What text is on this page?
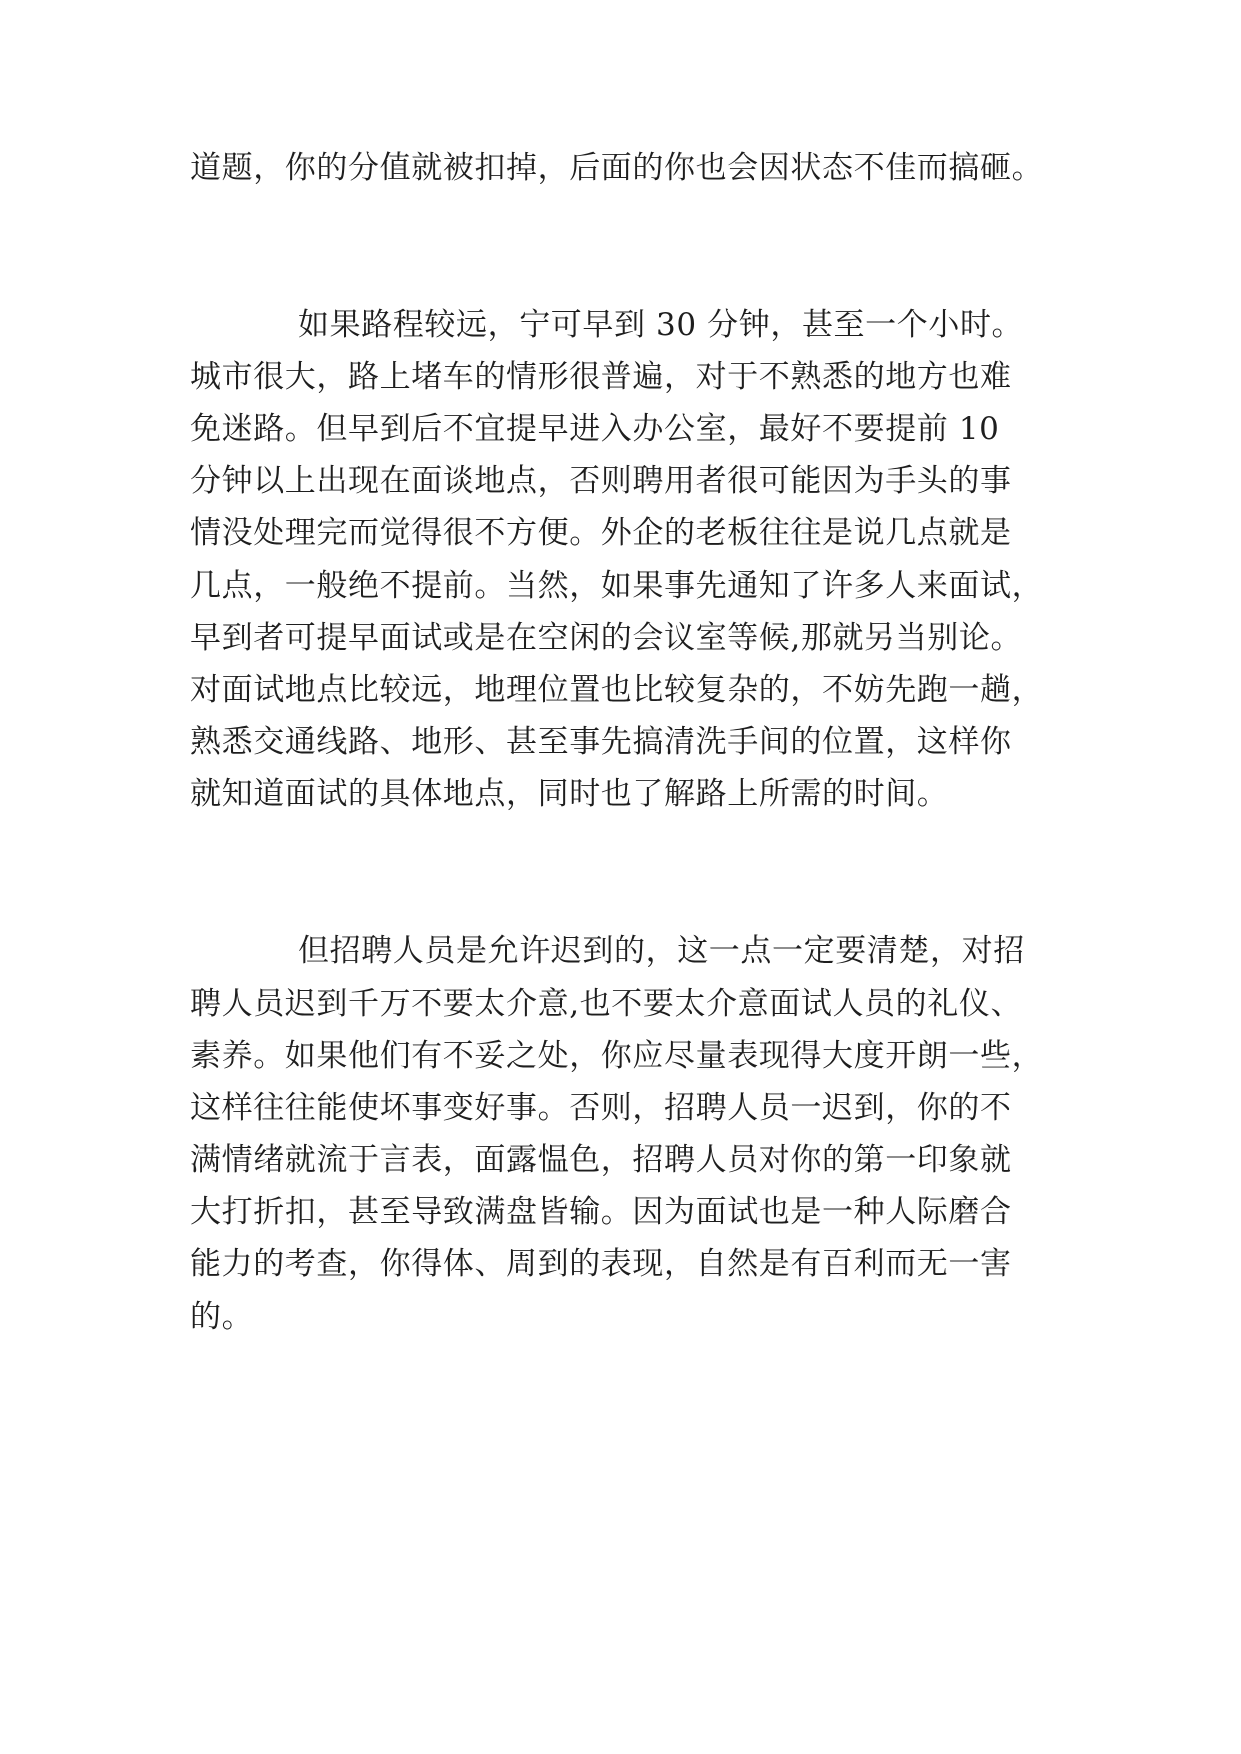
道题，你的分值就被扣掉，后面的你也会因状态不佳而搞砸。
如果路程较远，宁可早到 30 分钟，甚至一个小时。
城市很大，路上堵车的情形很普遍，对于不熟悉的地方也难
免迷路。但早到后不宜提早进入办公室，最好不要提前 10
分钟以上出现在面谈地点，否则聘用者很可能因为手头的事
情没处理完而觉得很不方便。外企的老板往往是说几点就是
几点，一般绝不提前。当然，如果事先通知了许多人来面试，
早到者可提早面试或是在空闲的会议室等候,那就另当别论。
对面试地点比较远，地理位置也比较复杂的，不妨先跑一趟，
熟悉交通线路、地形、甚至事先搞清洗手间的位置，这样你
就知道面试的具体地点，同时也了解路上所需的时间。
但招聘人员是允许迟到的，这一点一定要清楚，对招
聘人员迟到千万不要太介意,也不要太介意面试人员的礼仪、
素养。如果他们有不妥之处，你应尽量表现得大度开朗一些，
这样往往能使坏事变好事。否则，招聘人员一迟到，你的不
满情绪就流于言表，面露愠色，招聘人员对你的第一印象就
大打折扣，甚至导致满盘皆输。因为面试也是一种人际磨合
能力的考查，你得体、周到的表现，自然是有百利而无一害
的。
